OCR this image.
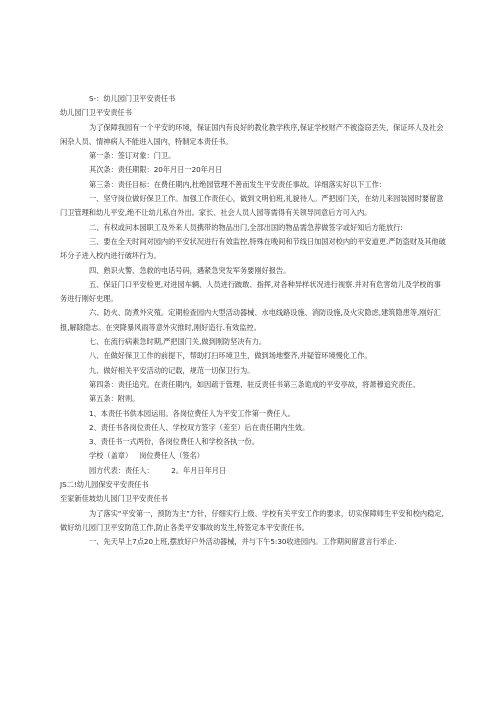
S-：幼儿园门卫平安责任书

幼儿园门卫平安责任书

为了保障我园有一个平安的环境，保证国内有良好的教化教学秩序,保证学校财产不被盗窃丢失，保证环人及社会闲杂人员、情神病人不能进入国内，特制定本责任书。

第一条：签订对象：门卫。

其次条：责任期限：20年月日一20年月日

第三条：责任目标：在费任期内,杜绝园管理不善而发生平安责任事故。详细落实好以下工作：

一、坚守岗位做好保卫工作。加强工作责任心，做到文明伯班,礼貌待人。严把园门关，在幼儿来园装园时要留意门卫管理和幼儿平安,绝不让幼儿私自外出。家长、社会人员人园等需得有关领导同意后方可入内。

二、有权或问本园职工及外来人员携带的物品出门,全部出国的物品需急荐做签字或好知后方能放行:

三、要在全天时间对园内的平安状况进行有效监控,特殊在晚间和节线日加国对校内的平安道更.严防盗财及其他破坏分子进入校内进行破坏行为。

四、熟识火警、急救的电话号码，遇紧急突发军务要刚好报告。

五、保证门口平安检更,对进园车辆、人员进行跛敢、指挥,对各种异样状况进行视察.并对有危害幼儿及学校的事务进行刚好史理。

六、防火、防煮外灾殖。定期检查园内大型活动器械、水电线路设施、消防设施,及火灾隐虑,建筑隐患等,刚好汇报,解除隐志。在突降暴风雨等意外灾推时,刚好造行.有效监控。

七、在流行病素急时期,严把国门关,做到刚防坚决有力。

八、在做好保卫工作的前提下，帮助打扫环境卫生，做到场地整齐,并疑管环境慢化工作。

九、做好相关平安活动的记载，规范一切保卫行为。

第四条：责任追究。在责任期内，如因疏于管理、驻反责任书第三条诡成的平安亭故，将萧穆追究责任。

第五条：附则。

1、本责任书供本园运用。各岗位费任人为平安工作第一费任人。

2、责任书各岗位责任人、学校双方签字（差至）后在责任期内生效。

3、责任书一式两份，各岗位费任人和学校各执一份。

学校（盖章） 岗位费任人（签名）

园方代表：责任人： 2。年月日年月日

JS二!幼儿园保安平安责任书

至家新佳坡幼儿园门卫平安责任书

为了落实“平安第一，预防为主”方针，仔细实行上级、学校有关平安工作的要求，切实保障师生平安和校内稳定,做好幼儿园门卫平安防范工作,防止各类平安事故的发生,特签定本平安责任书。

一、先天早上7点20上班,摆放好户外活动器械，并与下午5:30收进园内。工作期间留意言行举止.
